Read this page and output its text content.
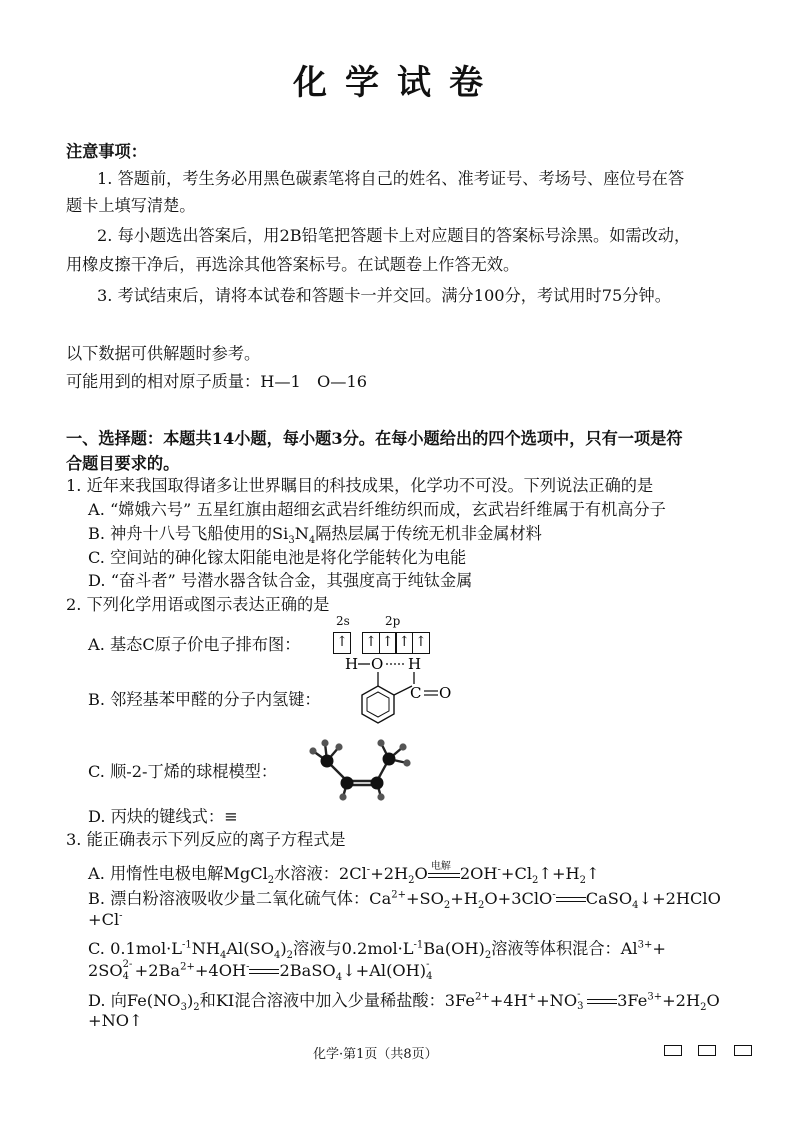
化学试卷
注意事项：
1. 答题前，考生务必用黑色碳素笔将自己的姓名、准考证号、考场号、座位号在答
题卡上填写清楚。
2. 每小题选出答案后，用2B铅笔把答题卡上对应题目的答案标号涂黑。如需改动，
用橡皮擦干净后，再选涂其他答案标号。在试题卷上作答无效。
3. 考试结束后，请将本试卷和答题卡一并交回。满分100分，考试用时75分钟。
以下数据可供解题时参考。
可能用到的相对原子质量：H—1　O—16
一、选择题：本题共14小题，每小题3分。在每小题给出的四个选项中，只有一项是符
合题目要求的。
1. 近年来我国取得诸多让世界瞩目的科技成果，化学功不可没。下列说法正确的是
A. “嫦娥六号” 五星红旗由超细玄武岩纤维纺织而成，玄武岩纤维属于有机高分子
B. 神舟十八号飞船使用的$Si_3N_4$隔热层属于传统无机非金属材料
C. 空间站的砷化镓太阳能电池是将化学能转化为电能
D. “奋斗者” 号潜水器含钛合金，其强度高于纯钛金属
2. 下列化学用语或图示表达正确的是
A. 基态C原子价电子排布图：
2s	2p
↑ ↑ ↑ ↑ ↑
B. 邻羟基苯甲醛的分子内氢键：
H O H
C O
C. 顺-2-丁烯的球棍模型：
D. 丙炔的键线式：≡
3. 能正确表示下列反应的离子方程式是
A. 用惰性电极电解MgCl$_2$水溶液：$2Cl^-+2H_2O$ 电解 $2OH^-+Cl_2↑+H_2↑$
B. 漂白粉溶液吸收少量二氧化硫气体：$Ca^{2+}+SO_2+H_2O+3ClO^-$ CaSO$_4$↓+2HClO
+Cl-
C. $0.1mol\cdot L^{-1}NH_4Al(SO_4)_2$溶液与$0.2mol\cdot L^{-1}Ba(OH)_2$溶液等体积混合：$Al^{3+}+$
2SO 2-
$4 +2Ba^{2+}+4OH^-$ 2BaSO$_4$↓+Al(OH) -
4
D. 向$Fe(NO_3)_2$和KI混合溶液中加入少量稀盐酸：$3Fe^{2+}+4H^++NO$ -
3 $3Fe^{3+}+2H_2O$
+NO↑
化学·第1页（共8页）
